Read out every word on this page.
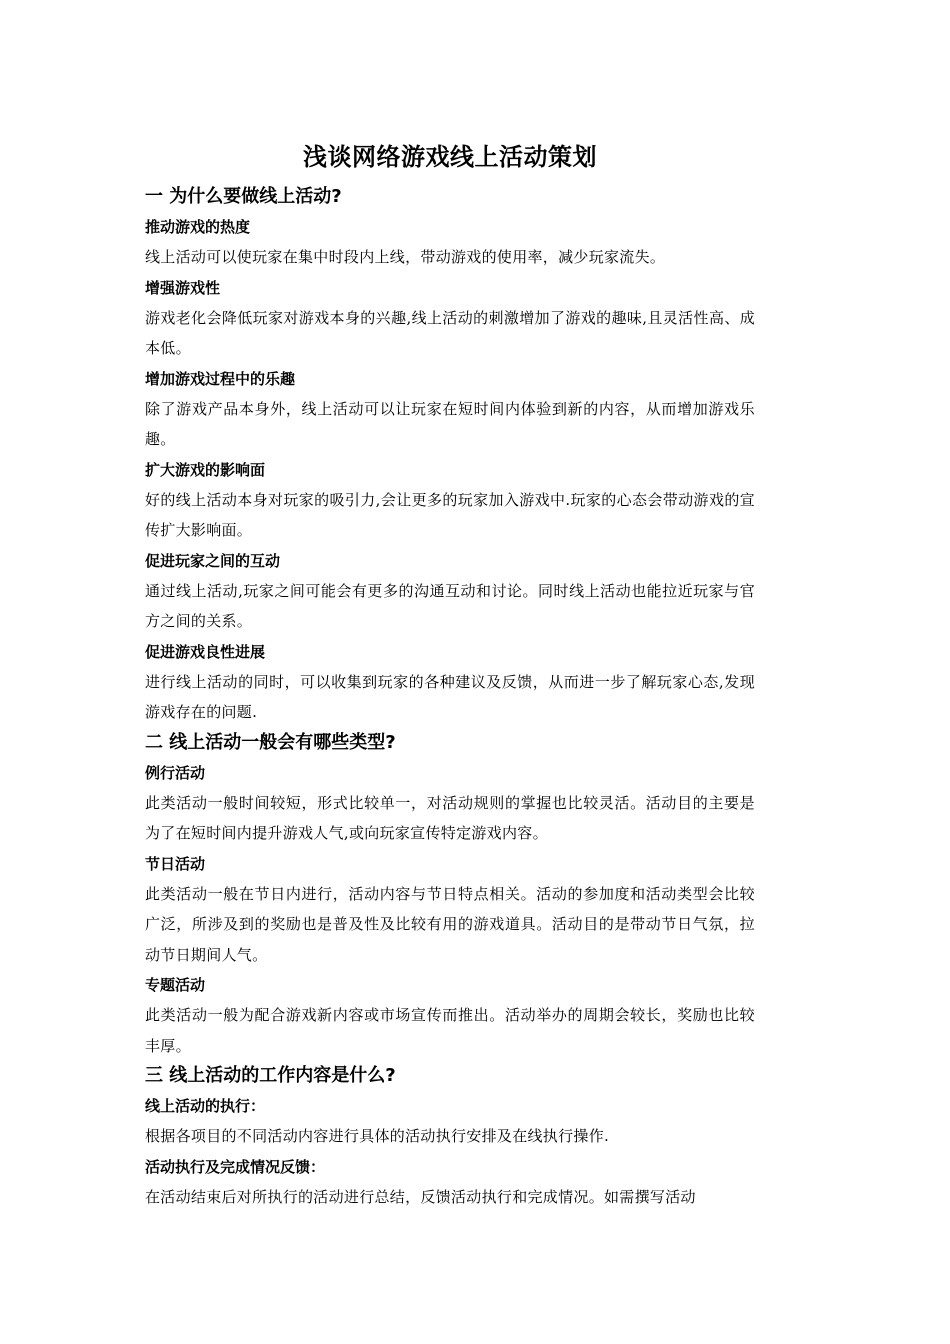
浅谈网络游戏线上活动策划
一 为什么要做线上活动?
推动游戏的热度

线上活动可以使玩家在集中时段内上线，带动游戏的使用率，减少玩家流失。

增强游戏性

游戏老化会降低玩家对游戏本身的兴趣,线上活动的刺激增加了游戏的趣味,且灵活性高、成本低。

增加游戏过程中的乐趣

除了游戏产品本身外，线上活动可以让玩家在短时间内体验到新的内容，从而增加游戏乐趣。

扩大游戏的影响面

好的线上活动本身对玩家的吸引力,会让更多的玩家加入游戏中.玩家的心态会带动游戏的宣传扩大影响面。

促进玩家之间的互动

通过线上活动,玩家之间可能会有更多的沟通互动和讨论。同时线上活动也能拉近玩家与官方之间的关系。

促进游戏良性进展

进行线上活动的同时，可以收集到玩家的各种建议及反馈，从而进一步了解玩家心态,发现游戏存在的问题.

二 线上活动一般会有哪些类型?
例行活动

此类活动一般时间较短，形式比较单一，对活动规则的掌握也比较灵活。活动目的主要是为了在短时间内提升游戏人气,或向玩家宣传特定游戏内容。

节日活动

此类活动一般在节日内进行，活动内容与节日特点相关。活动的参加度和活动类型会比较广泛，所涉及到的奖励也是普及性及比较有用的游戏道具。活动目的是带动节日气氛，拉动节日期间人气。

专题活动

此类活动一般为配合游戏新内容或市场宣传而推出。活动举办的周期会较长，奖励也比较丰厚。

三 线上活动的工作内容是什么?
线上活动的执行：

根据各项目的不同活动内容进行具体的活动执行安排及在线执行操作.

活动执行及完成情况反馈：

在活动结束后对所执行的活动进行总结，反馈活动执行和完成情况。如需撰写活动
